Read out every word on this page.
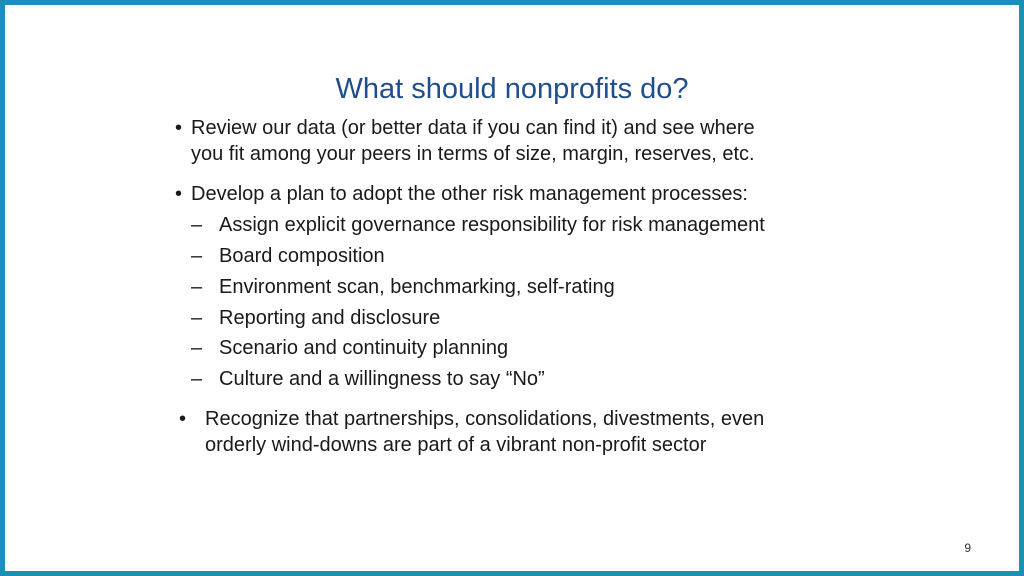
What should nonprofits do?
• Review our data (or better data if you can find it) and see where
you fit among your peers in terms of size, margin, reserves, etc.
• Develop a plan to adopt the other risk management processes:
– Assign explicit governance responsibility for risk management
– Board composition
– Environment scan, benchmarking, self-rating
– Reporting and disclosure
– Scenario and continuity planning
– Culture and a willingness to say “No”
• Recognize that partnerships, consolidations, divestments, even
orderly wind-downs are part of a vibrant non-profit sector
9
